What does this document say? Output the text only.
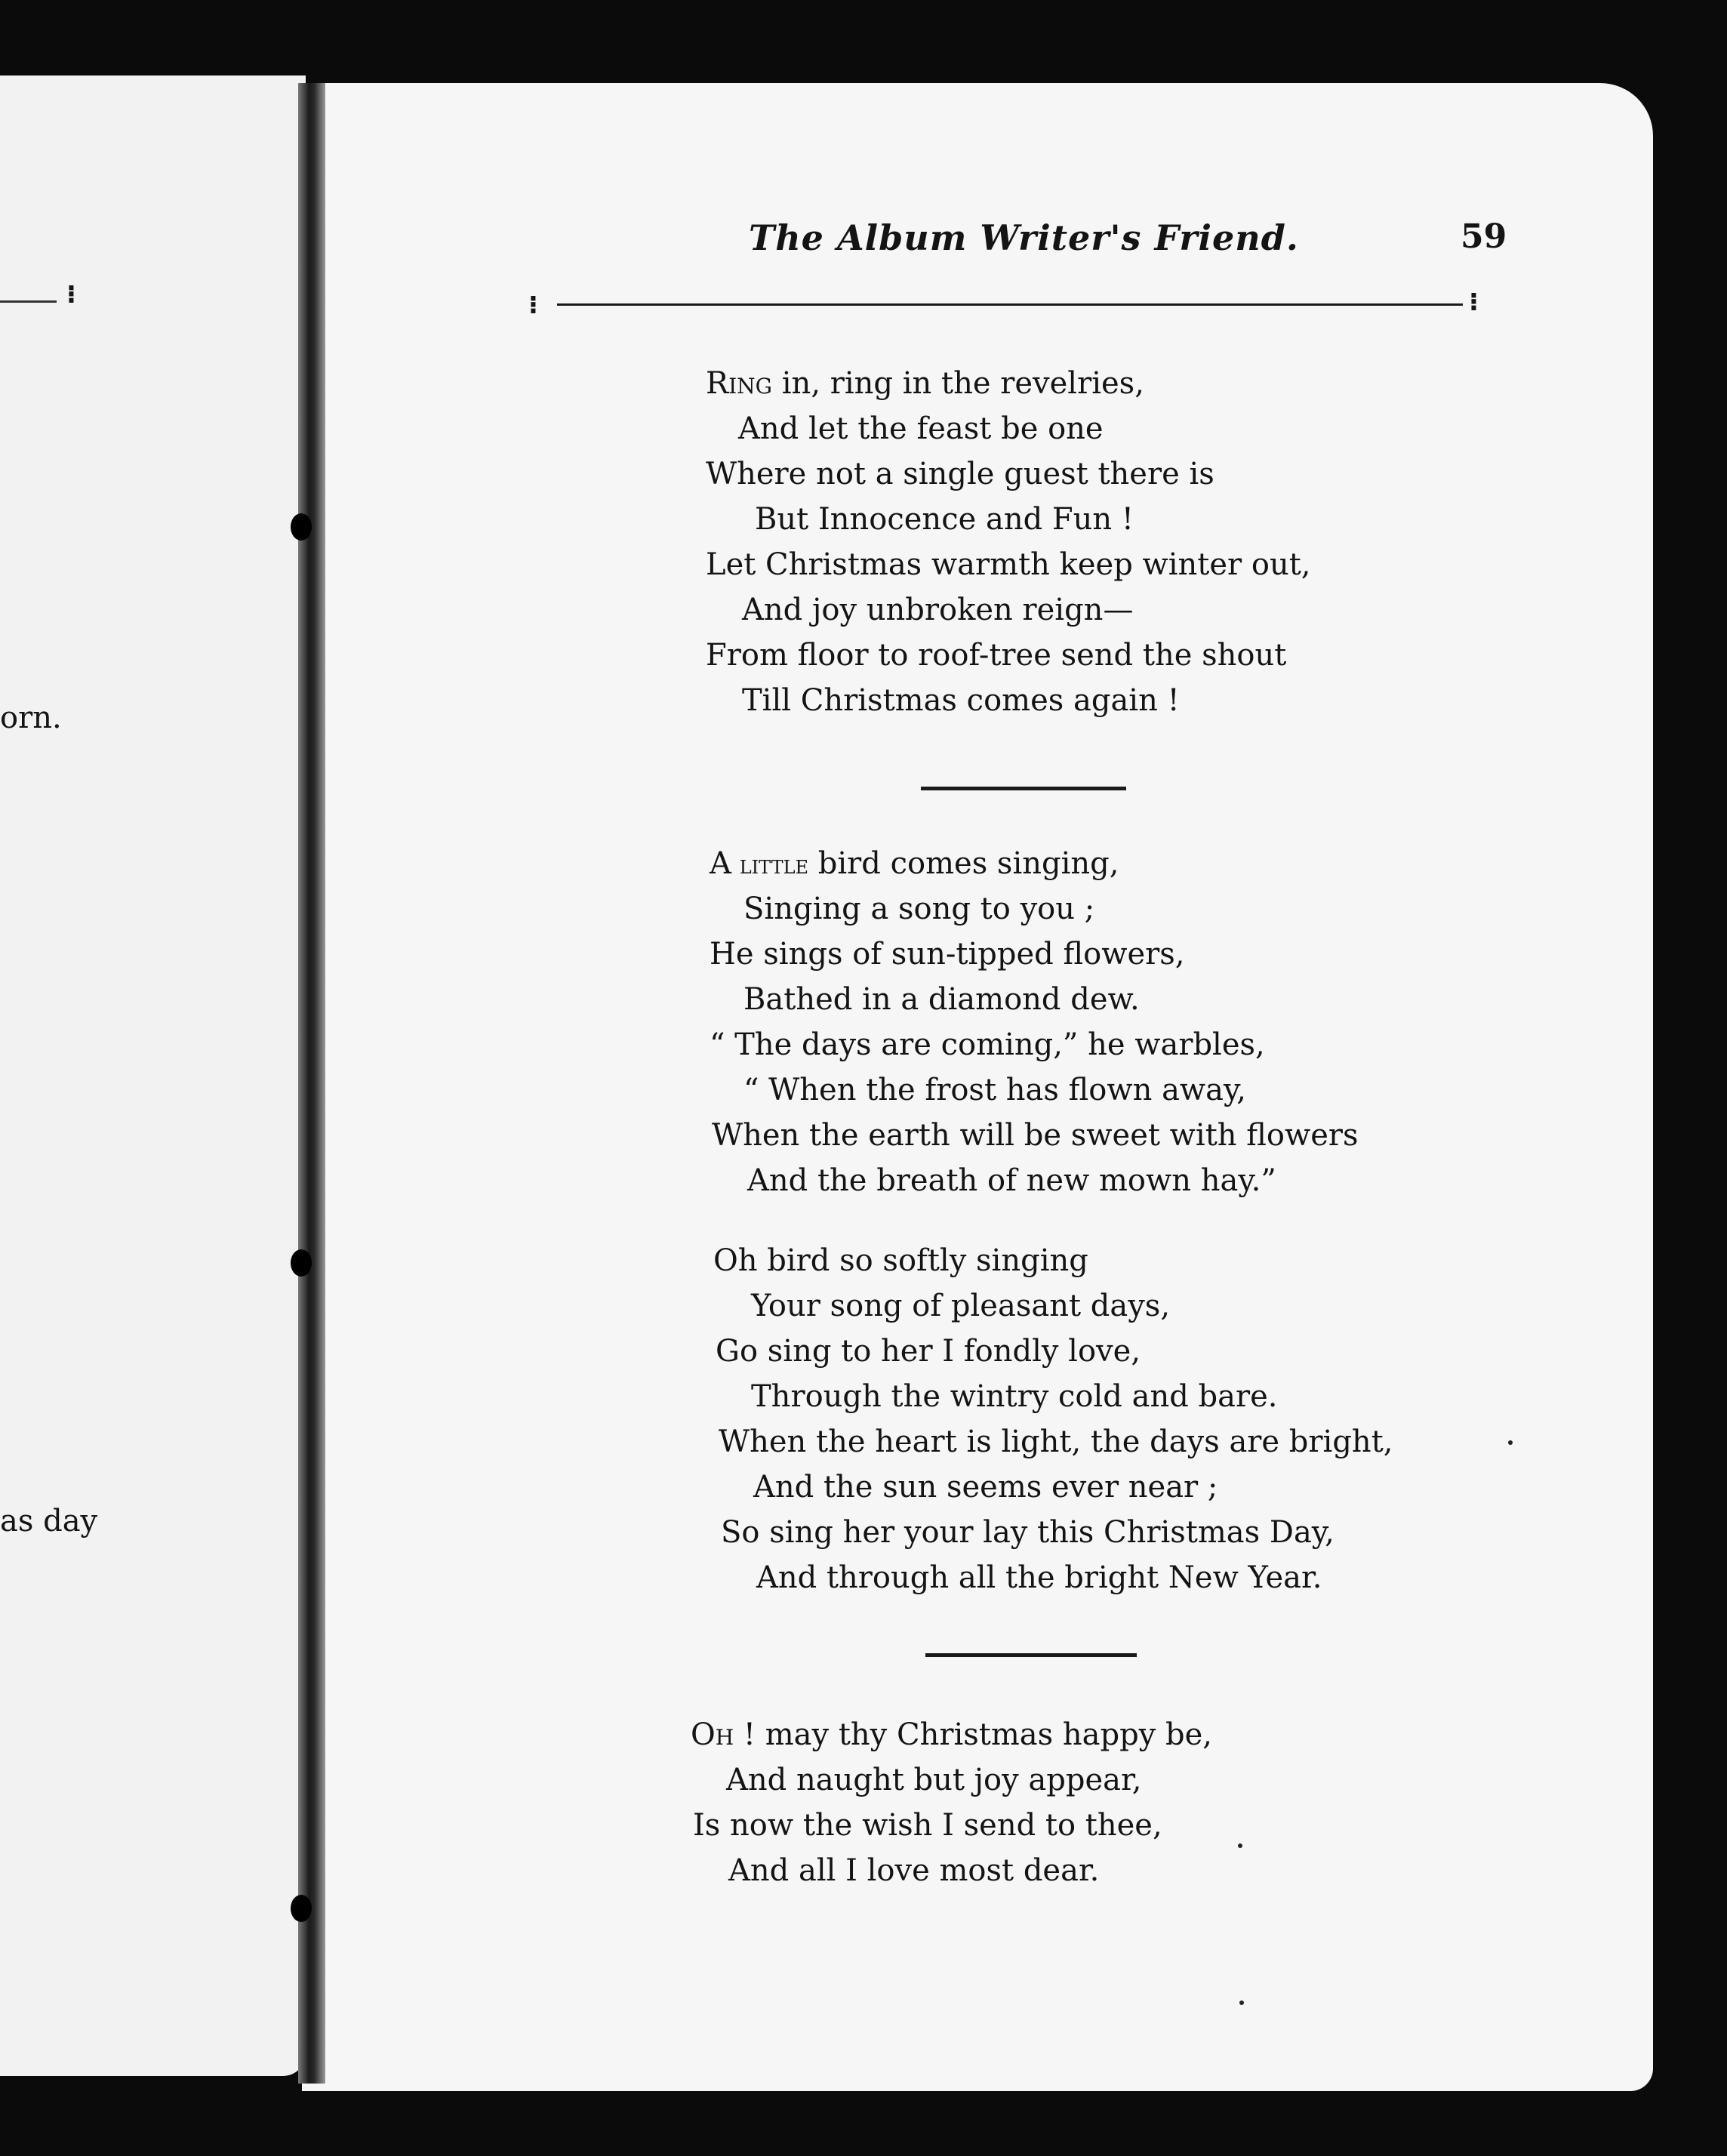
⁝
orn.
as day
The Album Writer's Friend.	59
⁝	⁝
Ring in, ring in the revelries,
And let the feast be one
Where not a single guest there is
But Innocence and Fun !
Let Christmas warmth keep winter out,
And joy unbroken reign—
From floor to roof-tree send the shout
Till Christmas comes again !
A little bird comes singing,
Singing a song to you ;
He sings of sun-tipped flowers,
Bathed in a diamond dew.
“ The days are coming,” he warbles,
“ When the frost has flown away,
When the earth will be sweet with flowers
And the breath of new mown hay.”
Oh bird so softly singing
Your song of pleasant days,
Go sing to her I fondly love,
Through the wintry cold and bare.
When the heart is light, the days are bright,
And the sun seems ever near ;
So sing her your lay this Christmas Day,
And through all the bright New Year.
Oh ! may thy Christmas happy be,
And naught but joy appear,
Is now the wish I send to thee,
And all I love most dear.
